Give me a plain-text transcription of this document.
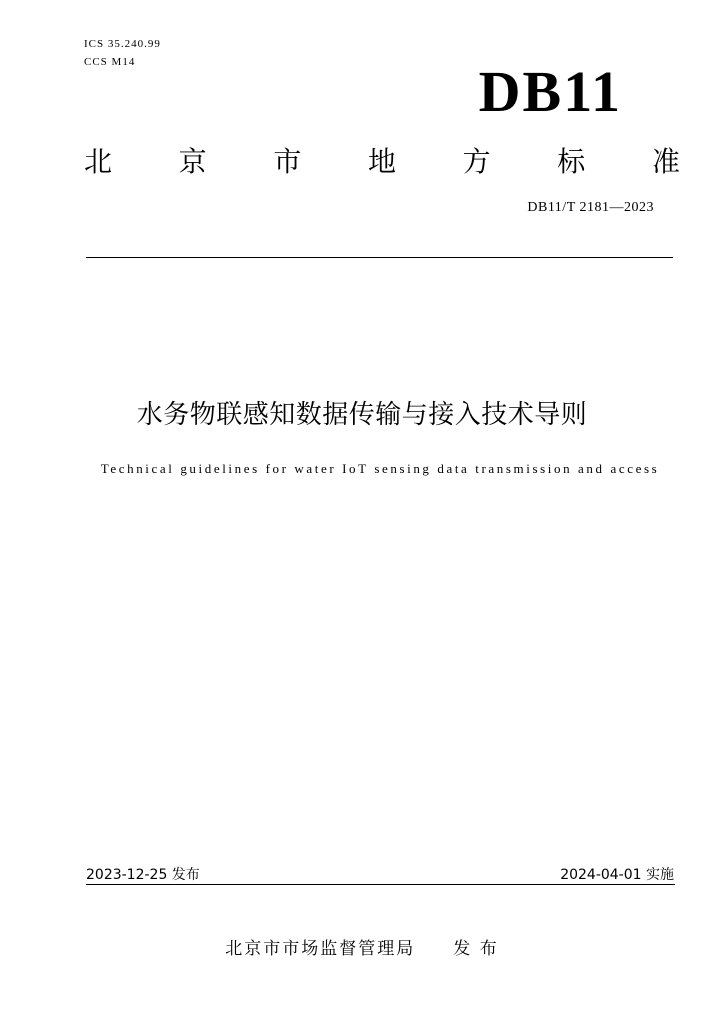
ICS 35.240.99
CCS M14	DB11
北 京 市 地 方 标 准
DB11/T 2181—2023
水务物联感知数据传输与接入技术导则
Technical guidelines for water IoT sensing data transmission and access
2023-12-25 发布	2024-04-01 实施
北京市市场监督管理局　　发 布
